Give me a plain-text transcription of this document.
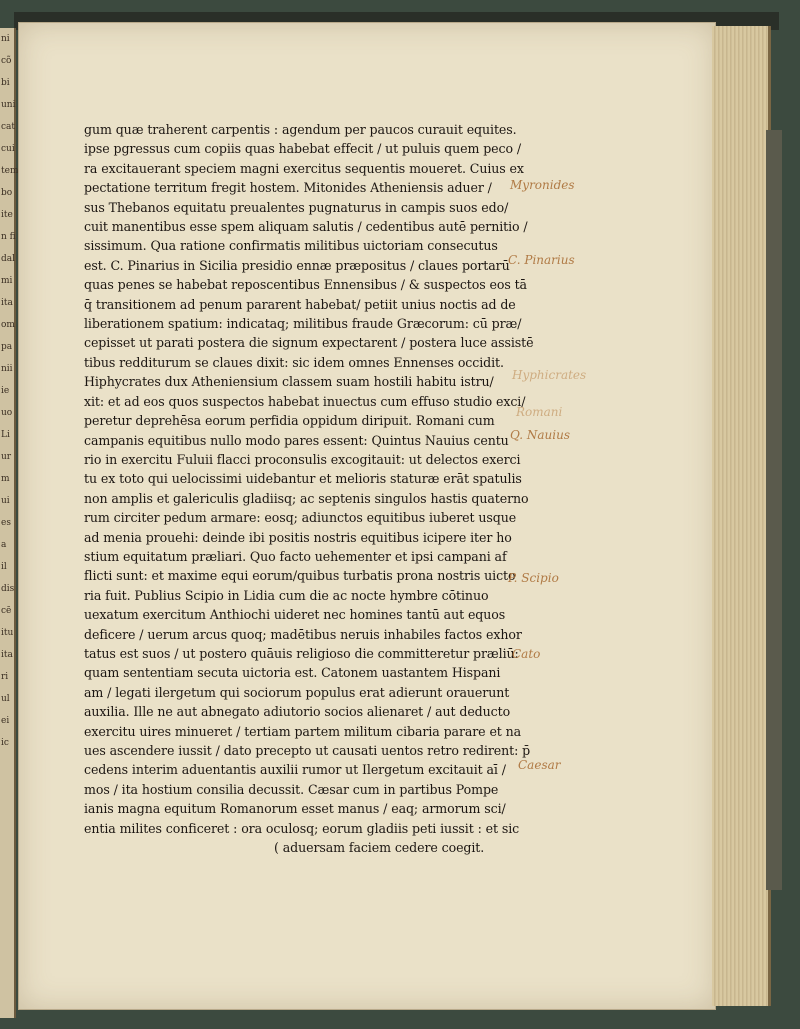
ni
cõ
bi
uni
cat
cui
tem
bo
ite
n fi
dal
mi
ita
om
pa
nii
ie
uo
Li
ur
m
ui
es
a
il
dis
cē
itu
ita
ri
ul
ei
ic
gum quæ traherent carpentis : agendum per paucos curauit equites.
ipse pgressus cum copiis quas habebat effecit / ut puluis quem peco /
ra excitauerant speciem magni exercitus sequentis moueret. Cuius ex
pectatione territum fregit hostem. Mitonides Atheniensis aduer /
sus Thebanos equitatu preualentes pugnaturus in campis suos edo/
cuit manentibus esse spem aliquam salutis / cedentibus autē pernitio /
sissimum. Qua ratione confirmatis militibus uictoriam consecutus
est. C. Pinarius in Sicilia presidio ennæ præpositus / claues portarū
quas penes se habebat reposcentibus Ennensibus / & suspectos eos tā
q̄ transitionem ad penum pararent habebat/ petiit unius noctis ad de
liberationem spatium: indicataq; militibus fraude Græcorum: cū præ/
cepisset ut parati postera die signum expectarent / postera luce assistē
tibus redditurum se claues dixit: sic idem omnes Ennenses occidit.
Hiphycrates dux Atheniensium classem suam hostili habitu istru/
xit: et ad eos quos suspectos habebat inuectus cum effuso studio exci/
peretur deprehēsa eorum perfidia oppidum diripuit. Romani cum
campanis equitibus nullo modo pares essent: Quintus Nauius centu
rio in exercitu Fuluii flacci proconsulis excogitauit: ut delectos exerci
tu ex toto qui uelocissimi uidebantur et melioris staturæ erāt spatulis
non amplis et galericulis gladiisq; ac septenis singulos hastis quaterno
rum circiter pedum armare: eosq; adiunctos equitibus iuberet usque
ad menia prouehi: deinde ibi positis nostris equitibus icipere iter ho
stium equitatum præliari. Quo facto uehementer et ipsi campani af
flicti sunt: et maxime equi eorum/quibus turbatis prona nostris uicto
ria fuit. Publius Scipio in Lidia cum die ac nocte hymbre cōtinuo
uexatum exercitum Anthiochi uideret nec homines tantū aut equos
deficere / uerum arcus quoq; madētibus neruis inhabiles factos exhor
tatus est suos / ut postero quāuis religioso die committeretur præliū:
quam sententiam secuta uictoria est. Catonem uastantem Hispani
am / legati ilergetum qui sociorum populus erat adierunt orauerunt
auxilia. Ille ne aut abnegato adiutorio socios alienaret / aut deducto
exercitu uires minueret / tertiam partem militum cibaria parare et na
ues ascendere iussit / dato precepto ut causati uentos retro redirent: p̄
cedens interim aduentantis auxilii rumor ut Ilergetum excitauit aī /
mos / ita hostium consilia decussit. Cæsar cum in partibus Pompe
ianis magna equitum Romanorum esset manus / eaq; armorum sci/
entia milites conficeret : ora oculosq; eorum gladiis peti iussit : et sic
( aduersam faciem cedere coegit.
Myronides
C. Pinarius
Hyphicrates
Romani
Q. Nauius
P. Scipio
Cato
Caesar
